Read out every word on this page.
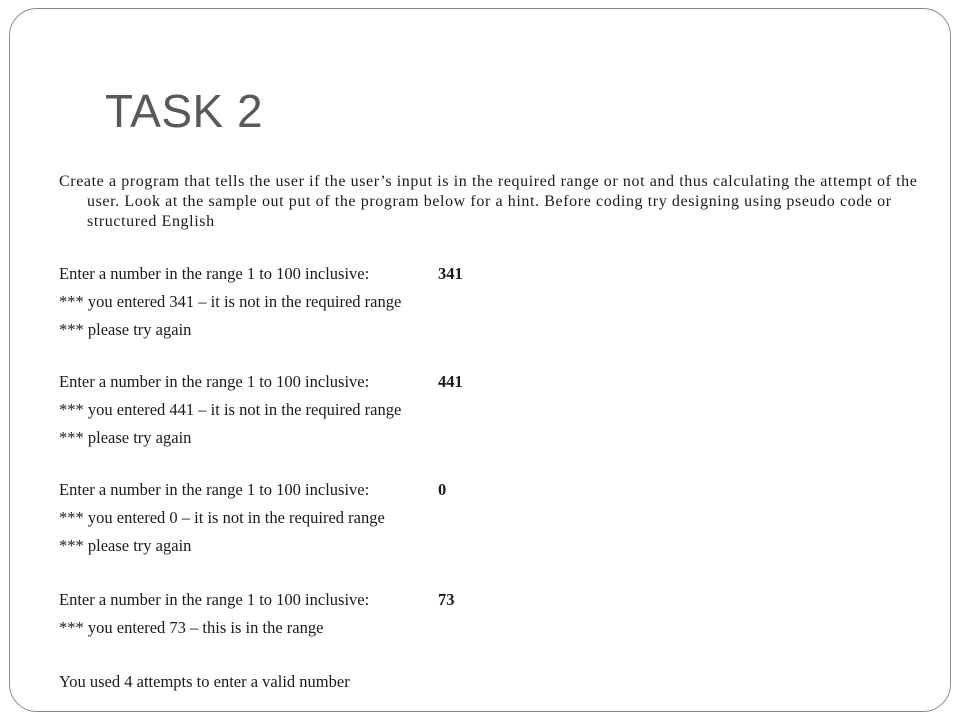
TASK 2

Create a program that tells the user if the user’s input is in the required range or not and thus calculating the attempt of the user. Look at the sample out put of the program below for a hint. Before coding try designing using pseudo code or structured English

Enter a number in the range 1 to 100 inclusive:	341

*** you entered 341 – it is not in the required range

*** please try again

Enter a number in the range 1 to 100 inclusive:	441

*** you entered 441 – it is not in the required range

*** please try again

Enter a number in the range 1 to 100 inclusive:	0

*** you entered 0 – it is not in the required range

*** please try again

Enter a number in the range 1 to 100 inclusive:	73

*** you entered 73 – this is in the range

You used 4 attempts to enter a valid number
